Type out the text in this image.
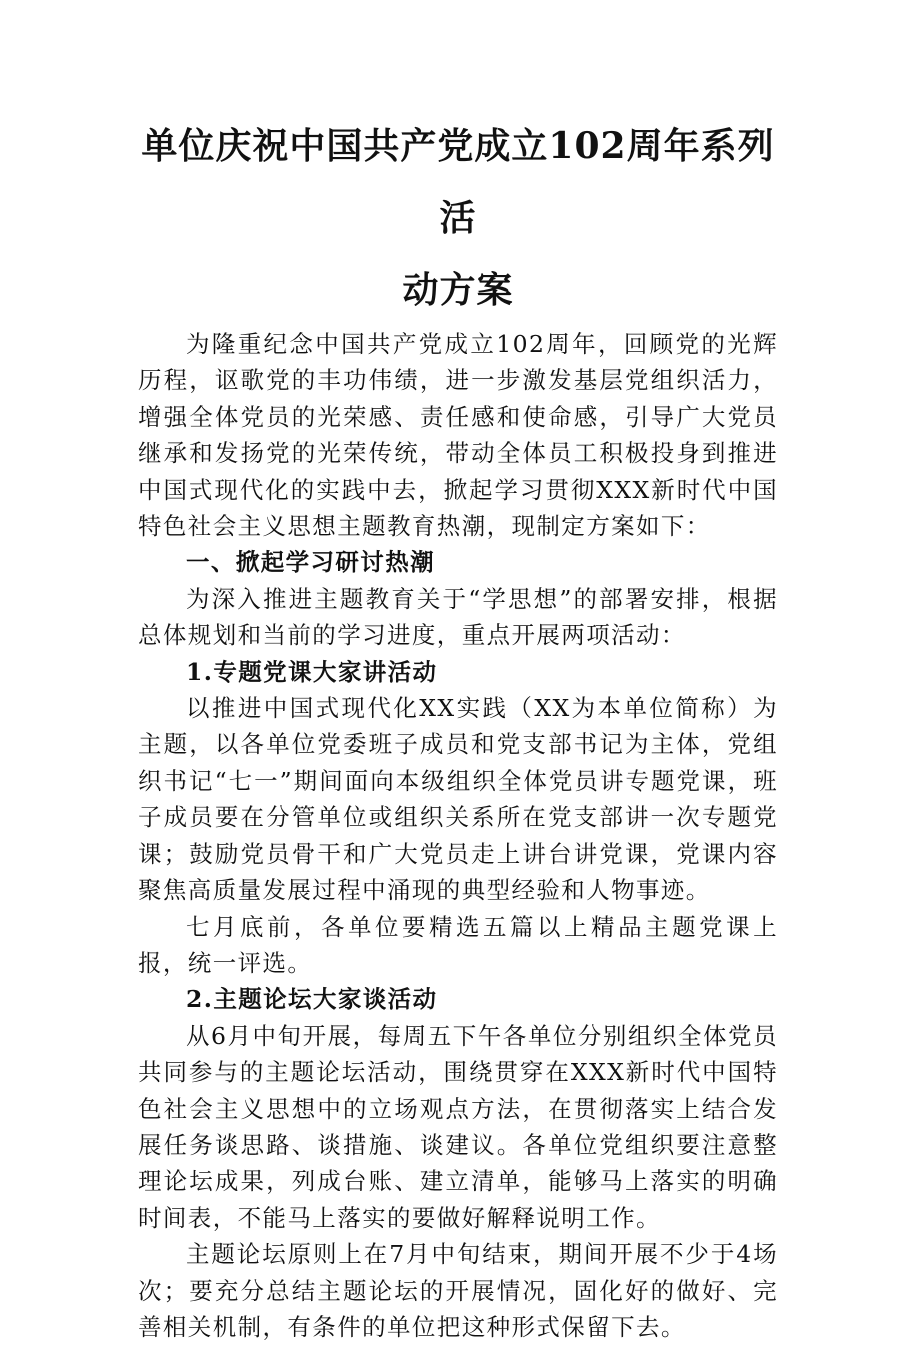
单位庆祝中国共产党成立102周年系列活
动方案

为隆重纪念中国共产党成立102周年，回顾党的光辉历程，讴歌党的丰功伟绩，进一步激发基层党组织活力，增强全体党员的光荣感、责任感和使命感，引导广大党员继承和发扬党的光荣传统，带动全体员工积极投身到推进中国式现代化的实践中去，掀起学习贯彻XXX新时代中国特色社会主义思想主题教育热潮，现制定方案如下：

一、掀起学习研讨热潮

为深入推进主题教育关于“学思想”的部署安排，根据总体规划和当前的学习进度，重点开展两项活动：

1.专题党课大家讲活动

以推进中国式现代化XX实践（XX为本单位简称）为主题，以各单位党委班子成员和党支部书记为主体，党组织书记“七一”期间面向本级组织全体党员讲专题党课，班子成员要在分管单位或组织关系所在党支部讲一次专题党课；鼓励党员骨干和广大党员走上讲台讲党课，党课内容聚焦高质量发展过程中涌现的典型经验和人物事迹。

七月底前，各单位要精选五篇以上精品主题党课上报，统一评选。

2.主题论坛大家谈活动

从6月中旬开展，每周五下午各单位分别组织全体党员共同参与的主题论坛活动，围绕贯穿在XXX新时代中国特色社会主义思想中的立场观点方法，在贯彻落实上结合发展任务谈思路、谈措施、谈建议。各单位党组织要注意整理论坛成果，列成台账、建立清单，能够马上落实的明确时间表，不能马上落实的要做好解释说明工作。

主题论坛原则上在7月中旬结束，期间开展不少于4场次；要充分总结主题论坛的开展情况，固化好的做好、完善相关机制，有条件的单位把这种形式保留下去。
